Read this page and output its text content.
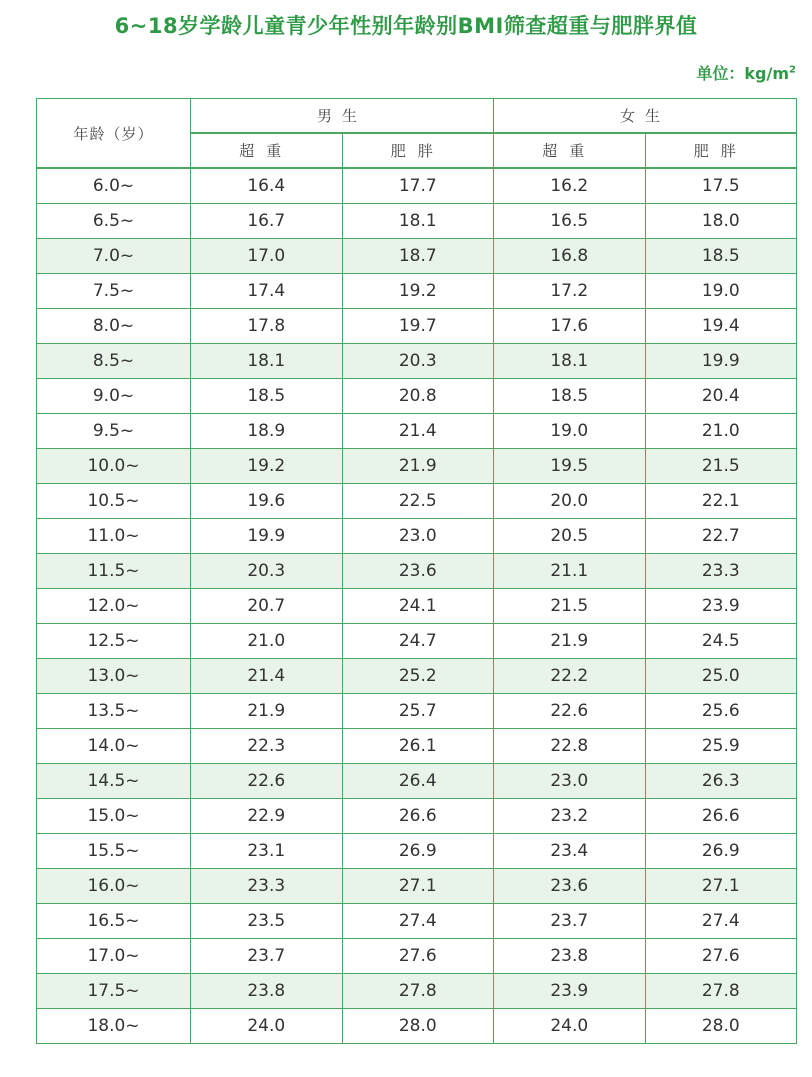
6~18岁学龄儿童青少年性别年龄别BMI筛查超重与肥胖界值
单位：$kg/m^2$
年龄（岁）	男生		女生	
	超重	肥胖	超重	肥胖
6.0~	16.4	17.7	16.2	17.5
6.5~	16.7	18.1	16.5	18.0
7.0~	17.0	18.7	16.8	18.5
7.5~	17.4	19.2	17.2	19.0
8.0~	17.8	19.7	17.6	19.4
8.5~	18.1	20.3	18.1	19.9
9.0~	18.5	20.8	18.5	20.4
9.5~	18.9	21.4	19.0	21.0
10.0~	19.2	21.9	19.5	21.5
10.5~	19.6	22.5	20.0	22.1
11.0~	19.9	23.0	20.5	22.7
11.5~	20.3	23.6	21.1	23.3
12.0~	20.7	24.1	21.5	23.9
12.5~	21.0	24.7	21.9	24.5
13.0~	21.4	25.2	22.2	25.0
13.5~	21.9	25.7	22.6	25.6
14.0~	22.3	26.1	22.8	25.9
14.5~	22.6	26.4	23.0	26.3
15.0~	22.9	26.6	23.2	26.6
15.5~	23.1	26.9	23.4	26.9
16.0~	23.3	27.1	23.6	27.1
16.5~	23.5	27.4	23.7	27.4
17.0~	23.7	27.6	23.8	27.6
17.5~	23.8	27.8	23.9	27.8
18.0~	24.0	28.0	24.0	28.0
